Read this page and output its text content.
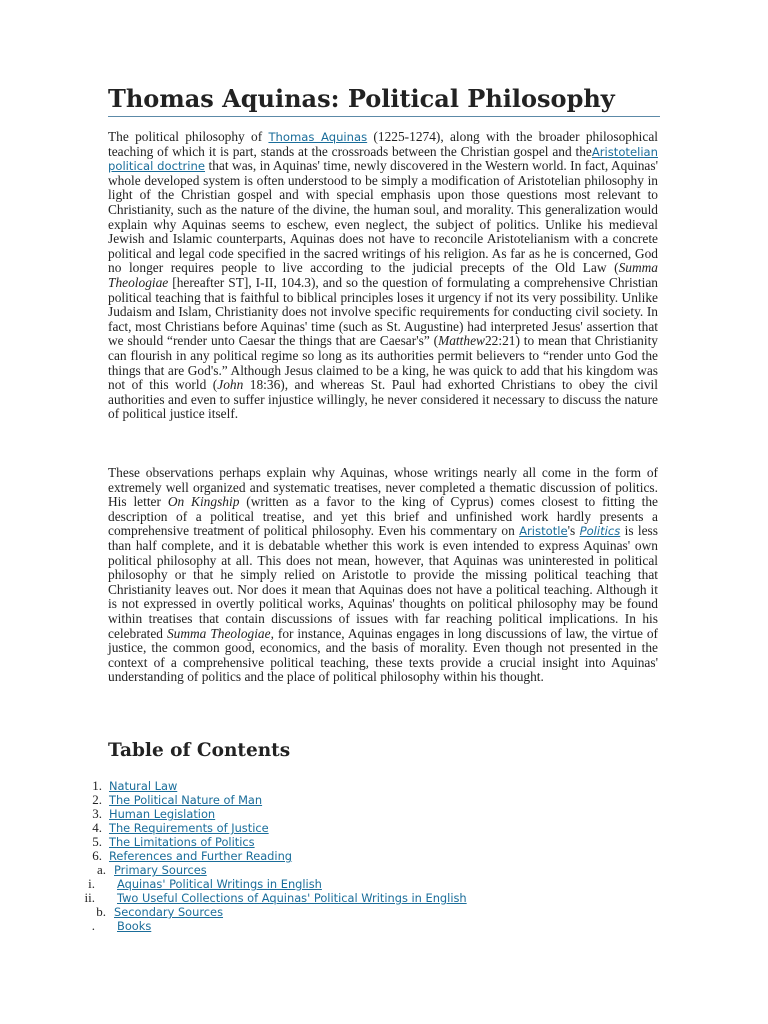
Thomas Aquinas: Political Philosophy

The political philosophy of Thomas Aquinas (1225-1274), along with the broader philosophical teaching of which it is part, stands at the crossroads between the Christian gospel and theAristotelian political doctrine that was, in Aquinas' time, newly discovered in the Western world. In fact, Aquinas' whole developed system is often understood to be simply a modification of Aristotelian philosophy in light of the Christian gospel and with special emphasis upon those questions most relevant to Christianity, such as the nature of the divine, the human soul, and morality. This generalization would explain why Aquinas seems to eschew, even neglect, the subject of politics. Unlike his medieval Jewish and Islamic counterparts, Aquinas does not have to reconcile Aristotelianism with a concrete political and legal code specified in the sacred writings of his religion. As far as he is concerned, God no longer requires people to live according to the judicial precepts of the Old Law (Summa Theologiae [hereafter ST], I-II, 104.3), and so the question of formulating a comprehensive Christian political teaching that is faithful to biblical principles loses it urgency if not its very possibility. Unlike Judaism and Islam, Christianity does not involve specific requirements for conducting civil society. In fact, most Christians before Aquinas' time (such as St. Augustine) had interpreted Jesus' assertion that we should “render unto Caesar the things that are Caesar's” (Matthew22:21) to mean that Christianity can flourish in any political regime so long as its authorities permit believers to “render unto God the things that are God's.” Although Jesus claimed to be a king, he was quick to add that his kingdom was not of this world (John 18:36), and whereas St. Paul had exhorted Christians to obey the civil authorities and even to suffer injustice willingly, he never considered it necessary to discuss the nature of political justice itself.

These observations perhaps explain why Aquinas, whose writings nearly all come in the form of extremely well organized and systematic treatises, never completed a thematic discussion of politics. His letter On Kingship (written as a favor to the king of Cyprus) comes closest to fitting the description of a political treatise, and yet this brief and unfinished work hardly presents a comprehensive treatment of political philosophy. Even his commentary on Aristotle's Politics is less than half complete, and it is debatable whether this work is even intended to express Aquinas' own political philosophy at all. This does not mean, however, that Aquinas was uninterested in political philosophy or that he simply relied on Aristotle to provide the missing political teaching that Christianity leaves out. Nor does it mean that Aquinas does not have a political teaching. Although it is not expressed in overtly political works, Aquinas' thoughts on political philosophy may be found within treatises that contain discussions of issues with far reaching political implications. In his celebrated Summa Theologiae, for instance, Aquinas engages in long discussions of law, the virtue of justice, the common good, economics, and the basis of morality. Even though not presented in the context of a comprehensive political teaching, these texts provide a crucial insight into Aquinas' understanding of politics and the place of political philosophy within his thought.

Table of Contents
1. Natural Law
2. The Political Nature of Man
3. Human Legislation
4. The Requirements of Justice
5. The Limitations of Politics
6. References and Further Reading
a. Primary Sources
i. Aquinas' Political Writings in English
ii. Two Useful Collections of Aquinas' Political Writings in English
b. Secondary Sources
. Books
